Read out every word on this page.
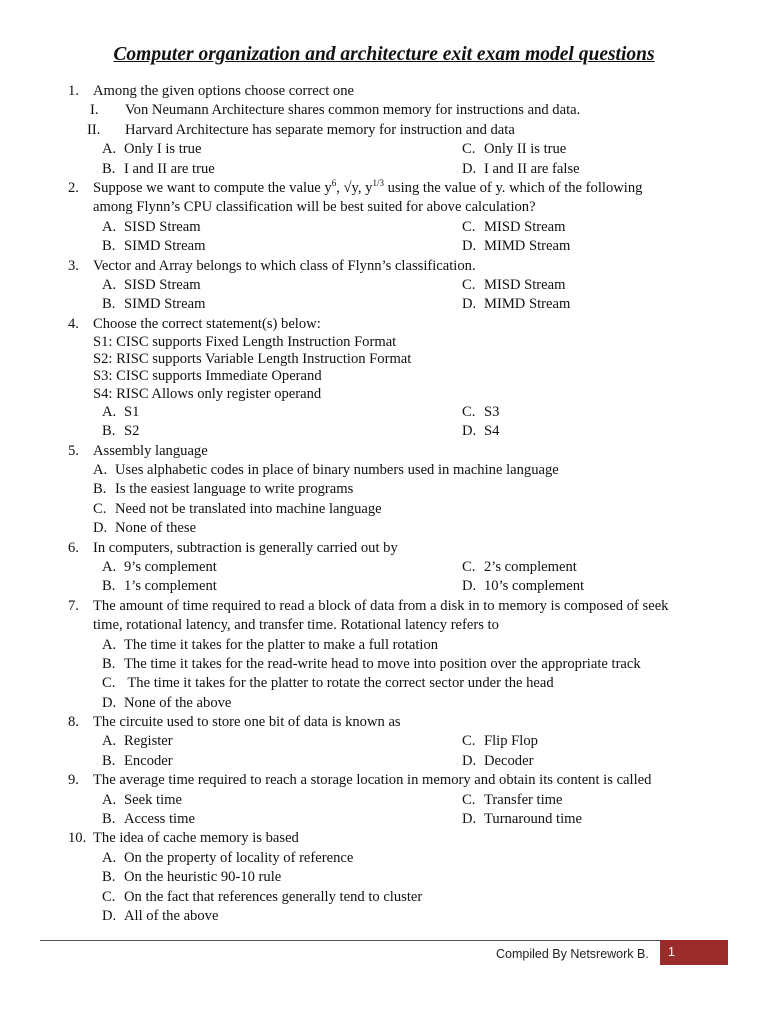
Computer organization and architecture exit exam model questions
1. Among the given options choose correct one
I. Von Neumann Architecture shares common memory for instructions and data.
II. Harvard Architecture has separate memory for instruction and data
A. Only I is true	C. Only II is true
B. I and II are true	D. I and II are false
2. Suppose we want to compute the value $y^6$, √y, $y^{1/3}$ using the value of y. which of the following
among Flynn’s CPU classification will be best suited for above calculation?
A. SISD Stream	C. MISD Stream
B. SIMD Stream	D. MIMD Stream
3. Vector and Array belongs to which class of Flynn’s classification.
A. SISD Stream	C. MISD Stream
B. SIMD Stream	D. MIMD Stream
4. Choose the correct statement(s) below:
S1: CISC supports Fixed Length Instruction Format
S2: RISC supports Variable Length Instruction Format
S3: CISC supports Immediate Operand
S4: RISC Allows only register operand
A. S1	C. S3
B. S2	D. S4
5. Assembly language
A. Uses alphabetic codes in place of binary numbers used in machine language
B. Is the easiest language to write programs
C. Need not be translated into machine language
D. None of these
6. In computers, subtraction is generally carried out by
A. 9’s complement	C. 2’s complement
B. 1’s complement	D. 10’s complement
7. The amount of time required to read a block of data from a disk in to memory is composed of seek
time, rotational latency, and transfer time. Rotational latency refers to
A. The time it takes for the platter to make a full rotation
B. The time it takes for the read-write head to move into position over the appropriate track
C. The time it takes for the platter to rotate the correct sector under the head
D. None of the above
8. The circuite used to store one bit of data is known as
A. Register	C. Flip Flop
B. Encoder	D. Decoder
9. The average time required to reach a storage location in memory and obtain its content is called
A. Seek time	C. Transfer time
B. Access time	D. Turnaround time
10. The idea of cache memory is based
A. On the property of locality of reference
B. On the heuristic 90-10 rule
C. On the fact that references generally tend to cluster
D. All of the above
Compiled By Netsrework B.	1
